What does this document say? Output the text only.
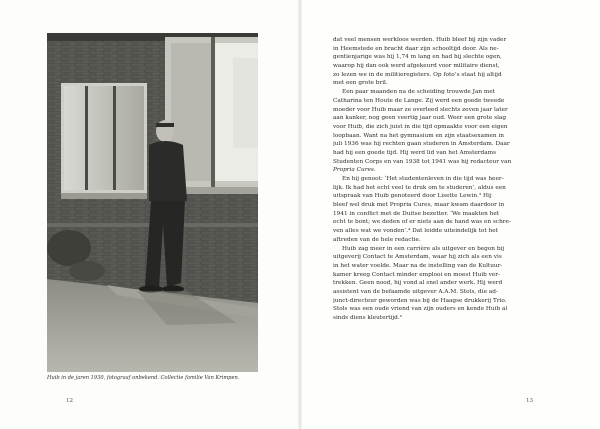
Huib in de jaren 1930, fotograaf onbekend. Collectie familie Van Krimpen.
12
dat veel mensen werkloos werden. Huib bleef bij zijn vader
in Heemstede en bracht daar zijn schooltijd door. Als ne-
gentienjarige was hij 1,74 m lang en had hij slechte ogen,
waarop hij dan ook werd afgekeurd voor militaire dienst,
zo lezen we in de militieregisters. Op foto’s staat hij altijd
met een grote bril.
Een paar maanden na de scheiding trouwde Jan met
Catharina ten Houte de Lange. Zij werd een goede tweede
moeder voor Huib maar ze overleed slechts zeven jaar later
aan kanker, nog geen veertig jaar oud. Weer een grote slag
voor Huib, die zich juist in die tijd opmaakte voor een eigen
loopbaan. Want na het gymnasium en zijn staatsexamen in
juli 1936 was hij rechten gaan studeren in Amsterdam. Daar
had hij een goede tijd. Hij werd lid van het Amsterdams
Studenten Corps en van 1938 tot 1941 was hij redacteur van
Propria Cures.
En hij genoot: ‘Het studentenleven in die tijd was heer-
lijk. Ik had het echt veel te druk om te studeren’, aldus een
uitspraak van Huib genoteerd door Lisette Lewin.³ Hij
bleef wel druk met Propria Cures, maar kwam daardoor in
1941 in conflict met de Duitse bezetter. ‘We maakten het
echt te bont; we deden of er niets aan de hand was en schre-
ven alles wat we vonden’.⁴ Dat leidde uiteindelijk tot het
aftreden van de hele redactie.
Huib zag meer in een carrière als uitgever en begon bij
uitgeverij Contact te Amsterdam, waar hij zich als een vis
in het water voelde. Maar na de instelling van de Kultuur-
kamer kreeg Contact minder emplooi en moest Huib ver-
trekken. Geen nood, hij vond al snel ander werk. Hij werd
assistent van de befaamde uitgever A.A.M. Stols, die ad-
junct-directeur geworden was bij de Haagse drukkerij Trio.
Stols was een oude vriend van zijn ouders en kende Huib al
sinds diens kleutertijd.⁵
13
